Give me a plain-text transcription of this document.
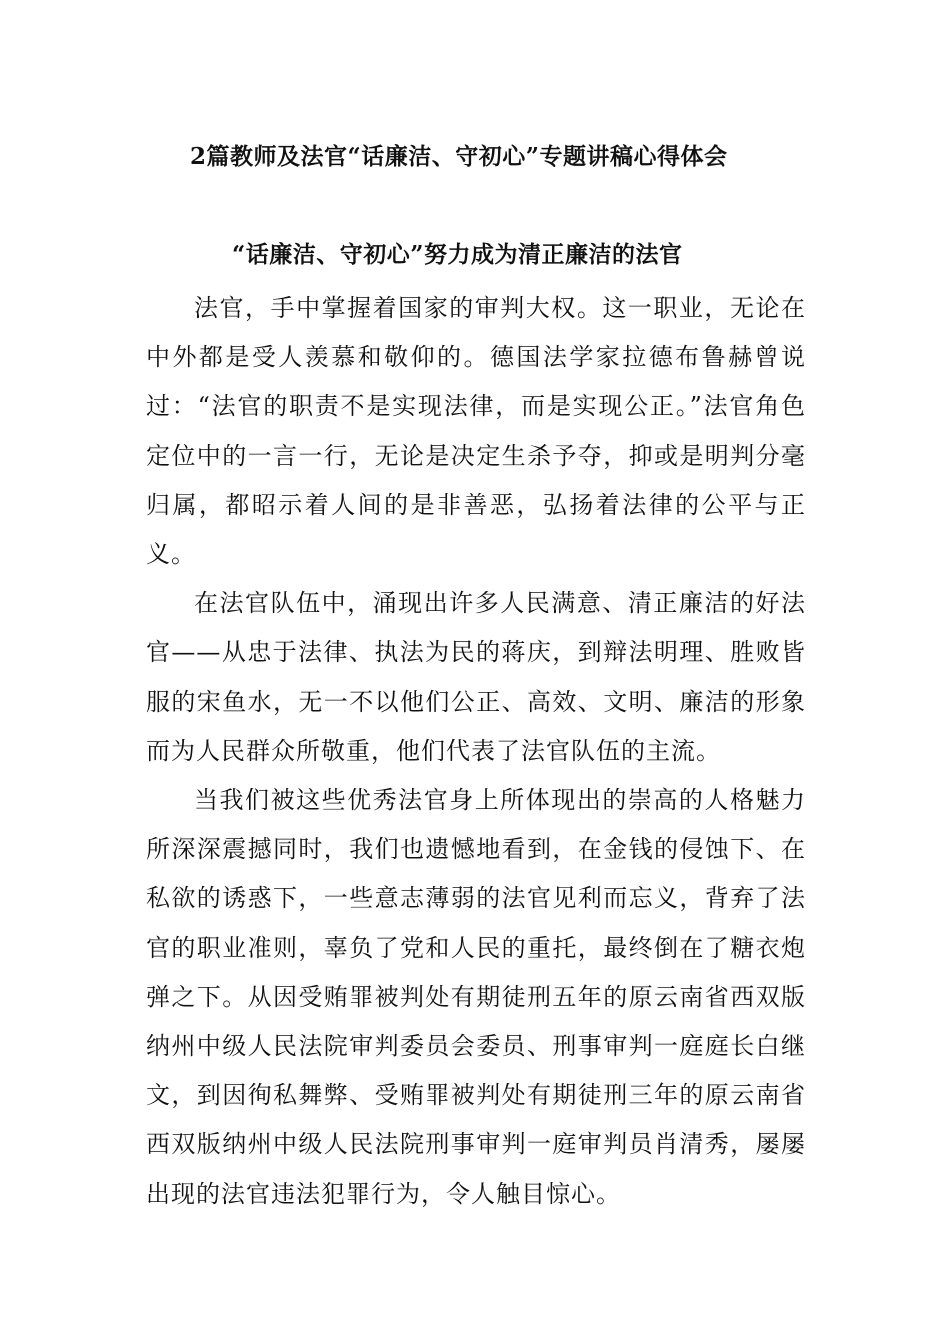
2篇教师及法官“话廉洁、守初心”专题讲稿心得体会
“话廉洁、守初心”努力成为清正廉洁的法官

法官，手中掌握着国家的审判大权。这一职业，无论在中外都是受人羡慕和敬仰的。德国法学家拉德布鲁赫曾说过：“法官的职责不是实现法律，而是实现公正。”法官角色定位中的一言一行，无论是决定生杀予夺，抑或是明判分毫归属，都昭示着人间的是非善恶，弘扬着法律的公平与正义。

在法官队伍中，涌现出许多人民满意、清正廉洁的好法官——从忠于法律、执法为民的蒋庆，到辩法明理、胜败皆服的宋鱼水，无一不以他们公正、高效、文明、廉洁的形象而为人民群众所敬重，他们代表了法官队伍的主流。

当我们被这些优秀法官身上所体现出的崇高的人格魅力所深深震撼同时，我们也遗憾地看到，在金钱的侵蚀下、在私欲的诱惑下，一些意志薄弱的法官见利而忘义，背弃了法官的职业准则，辜负了党和人民的重托，最终倒在了糖衣炮弹之下。从因受贿罪被判处有期徒刑五年的原云南省西双版纳州中级人民法院审判委员会委员、刑事审判一庭庭长白继文，到因徇私舞弊、受贿罪被判处有期徒刑三年的原云南省西双版纳州中级人民法院刑事审判一庭审判员肖清秀，屡屡出现的法官违法犯罪行为，令人触目惊心。
